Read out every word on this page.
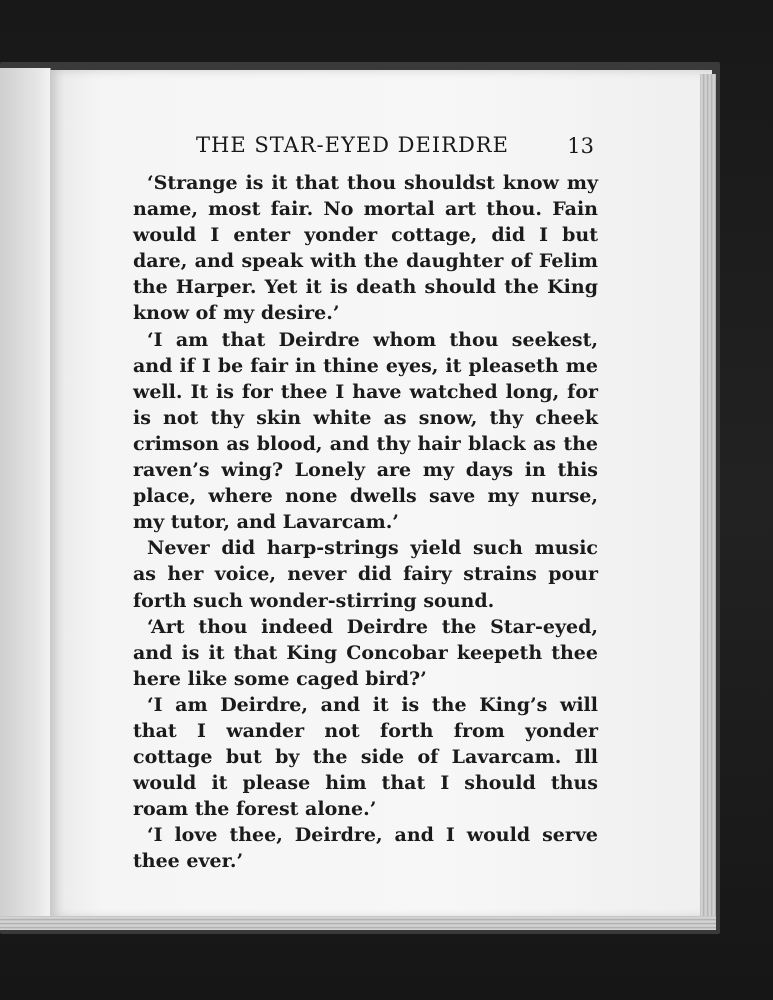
THE STAR-EYED DEIRDRE	13

‘Strange is it that thou shouldst know my name, most fair. No mortal art thou. Fain would I enter yonder cottage, did I but dare, and speak with the daughter of Felim the Harper. Yet it is death should the King know of my desire.’

‘I am that Deirdre whom thou seekest, and if I be fair in thine eyes, it pleaseth me well. It is for thee I have watched long, for is not thy skin white as snow, thy cheek crimson as blood, and thy hair black as the raven’s wing? Lonely are my days in this place, where none dwells save my nurse, my tutor, and Lavarcam.’

Never did harp-strings yield such music as her voice, never did fairy strains pour forth such wonder-stirring sound.

‘Art thou indeed Deirdre the Star-eyed, and is it that King Concobar keepeth thee here like some caged bird?’

‘I am Deirdre, and it is the King’s will that I wander not forth from yonder cottage but by the side of Lavarcam. Ill would it please him that I should thus roam the forest alone.’

‘I love thee, Deirdre, and I would serve thee ever.’
